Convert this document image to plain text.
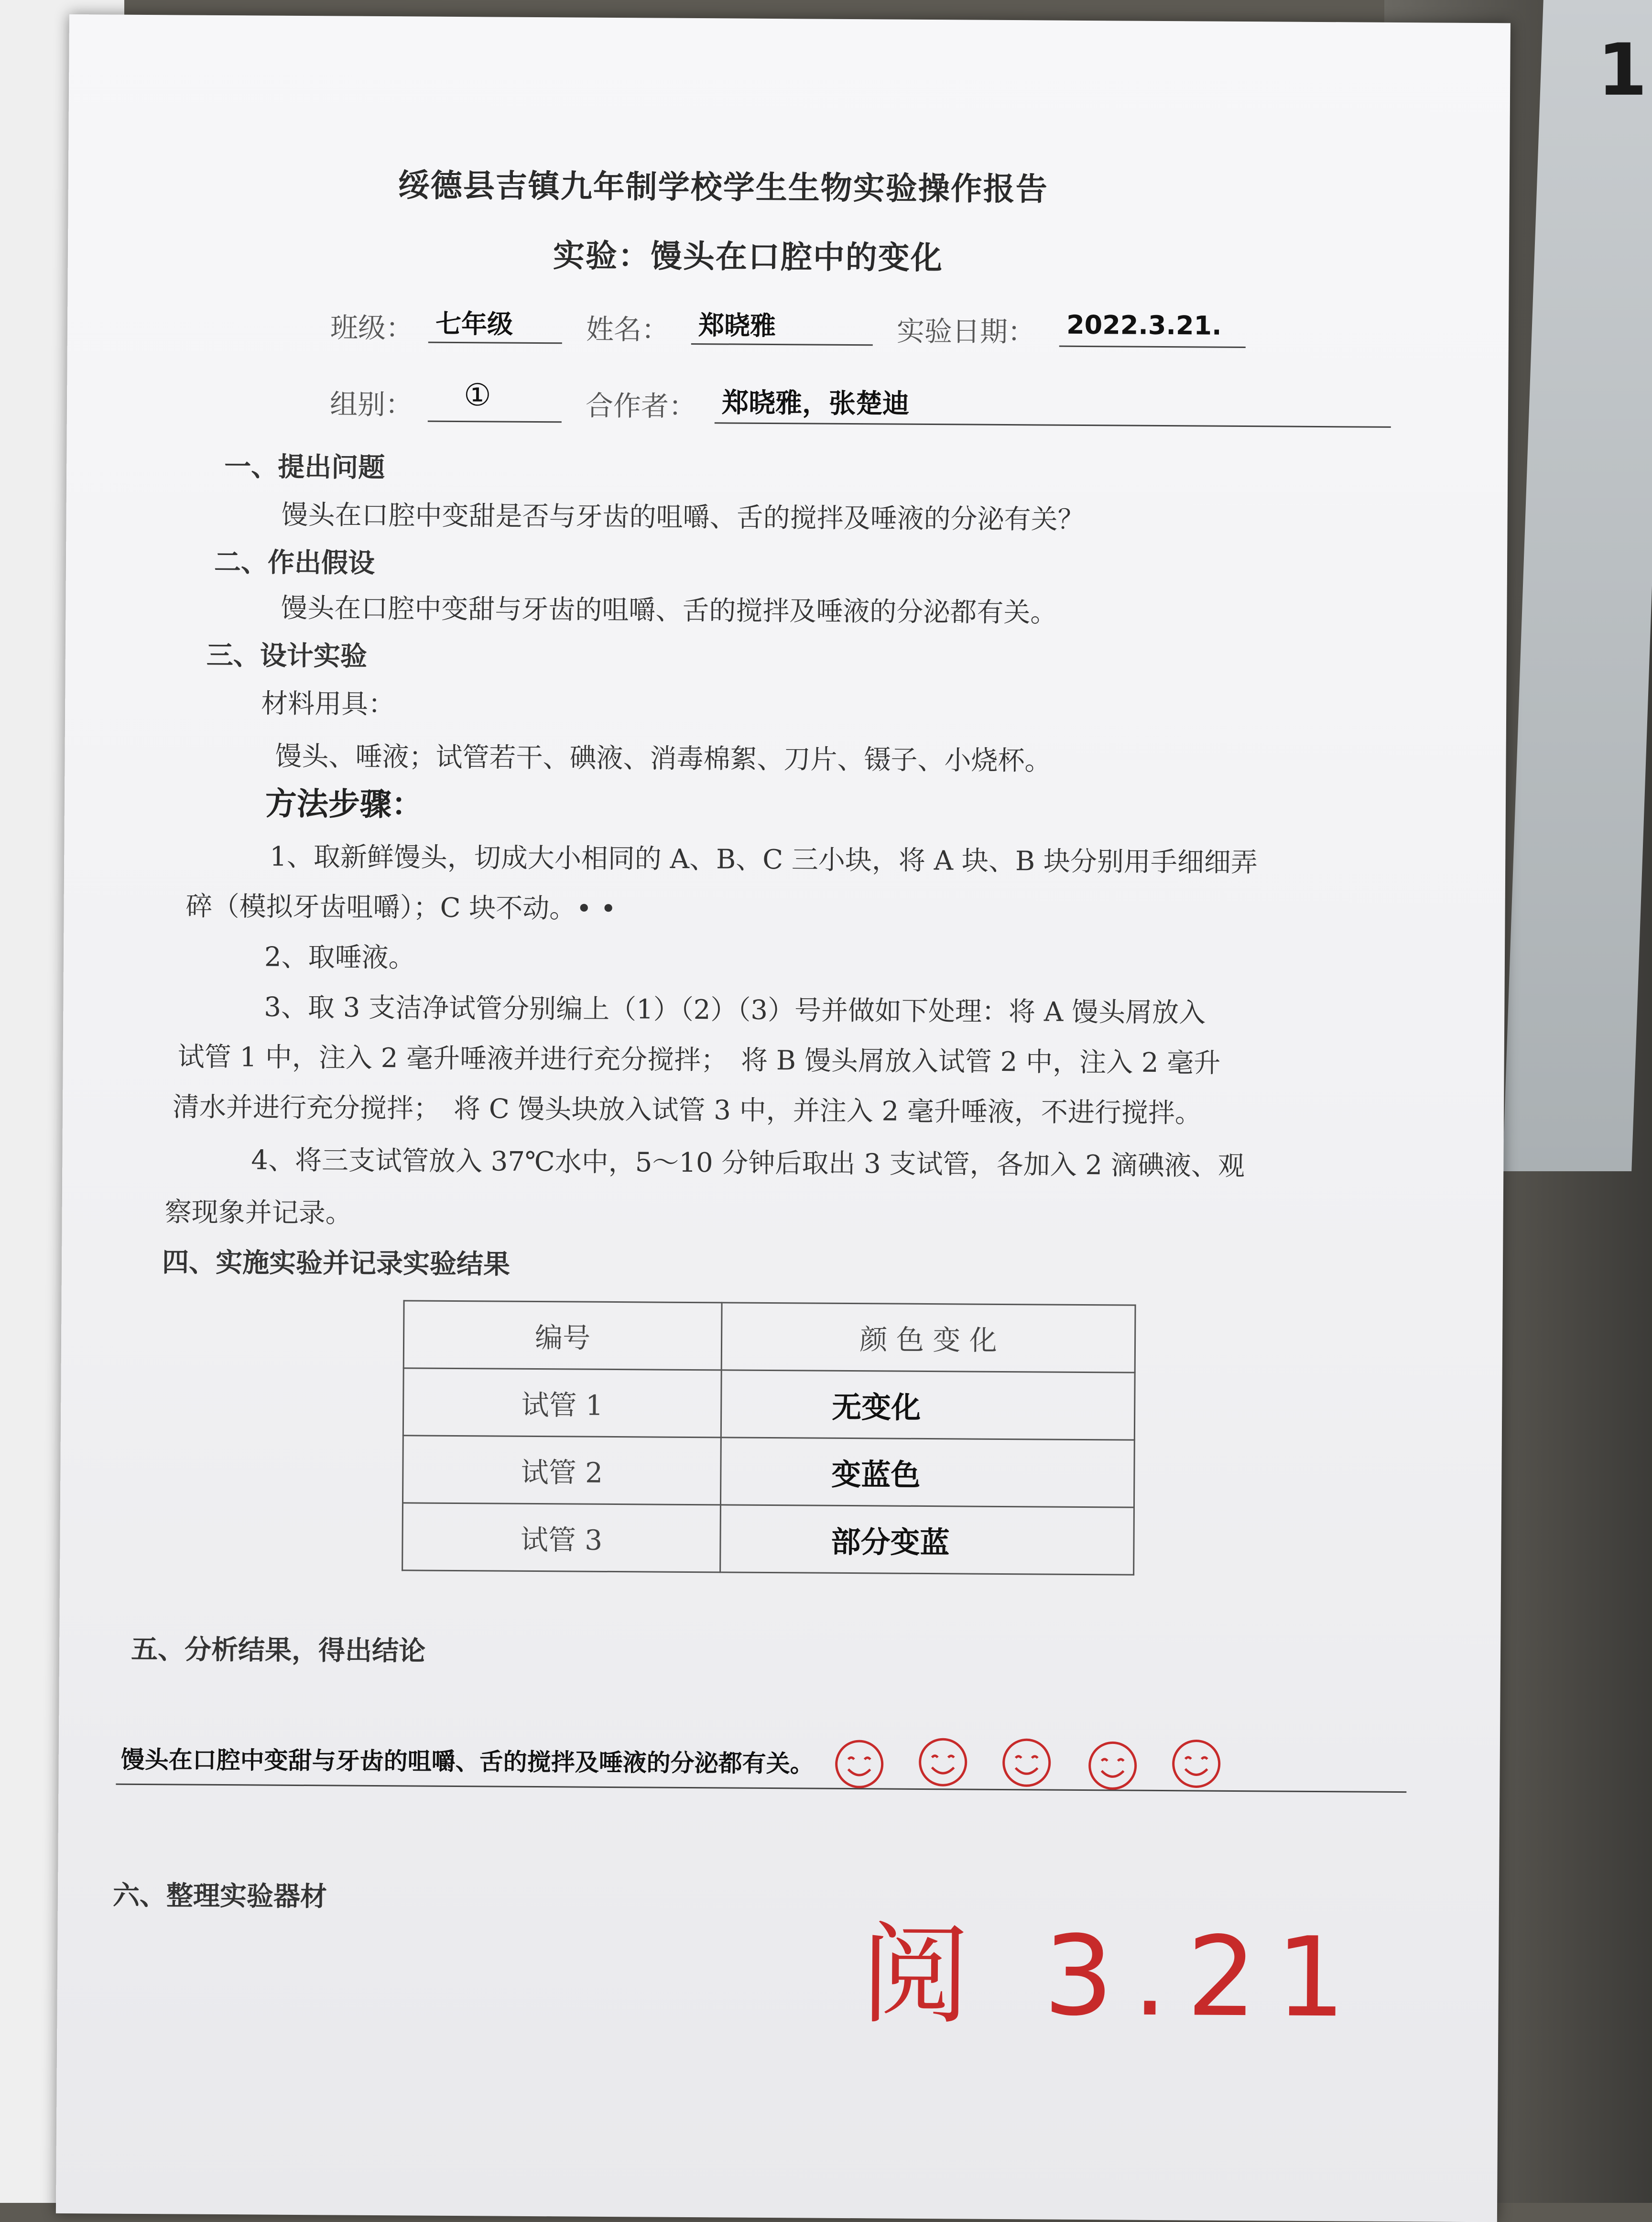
1
绥德县吉镇九年制学校学生生物实验操作报告
实验：馒头在口腔中的变化
班级： 七年级	姓名： 郑晓雅	实验日期： 2022.3.21.
组别： ①	合作者： 郑晓雅，张楚迪
一、提出问题
馒头在口腔中变甜是否与牙齿的咀嚼、舌的搅拌及唾液的分泌有关？
二、作出假设
馒头在口腔中变甜与牙齿的咀嚼、舌的搅拌及唾液的分泌都有关。
三、设计实验
材料用具：
馒头、唾液；试管若干、碘液、消毒棉絮、刀片、镊子、小烧杯。
方法步骤：
1、取新鲜馒头，切成大小相同的 A、B、C 三小块，将 A 块、B 块分别用手细细弄
碎（模拟牙齿咀嚼）；C 块不动。• •
2、取唾液。
3、取 3 支洁净试管分别编上（1）（2）（3）号并做如下处理：将 A 馒头屑放入
试管 1 中，注入 2 毫升唾液并进行充分搅拌；　将 B 馒头屑放入试管 2 中，注入 2 毫升
清水并进行充分搅拌；　将 C 馒头块放入试管 3 中，并注入 2 毫升唾液，不进行搅拌。
4、将三支试管放入 37℃水中，5～10 分钟后取出 3 支试管，各加入 2 滴碘液、观
察现象并记录。
四、实施实验并记录实验结果
编号	颜 色 变 化
试管 1	无变化
试管 2	变蓝色
试管 3	部分变蓝
五、分析结果，得出结论
馒头在口腔中变甜与牙齿的咀嚼、舌的搅拌及唾液的分泌都有关。
六、整理实验器材
阅 3.21
